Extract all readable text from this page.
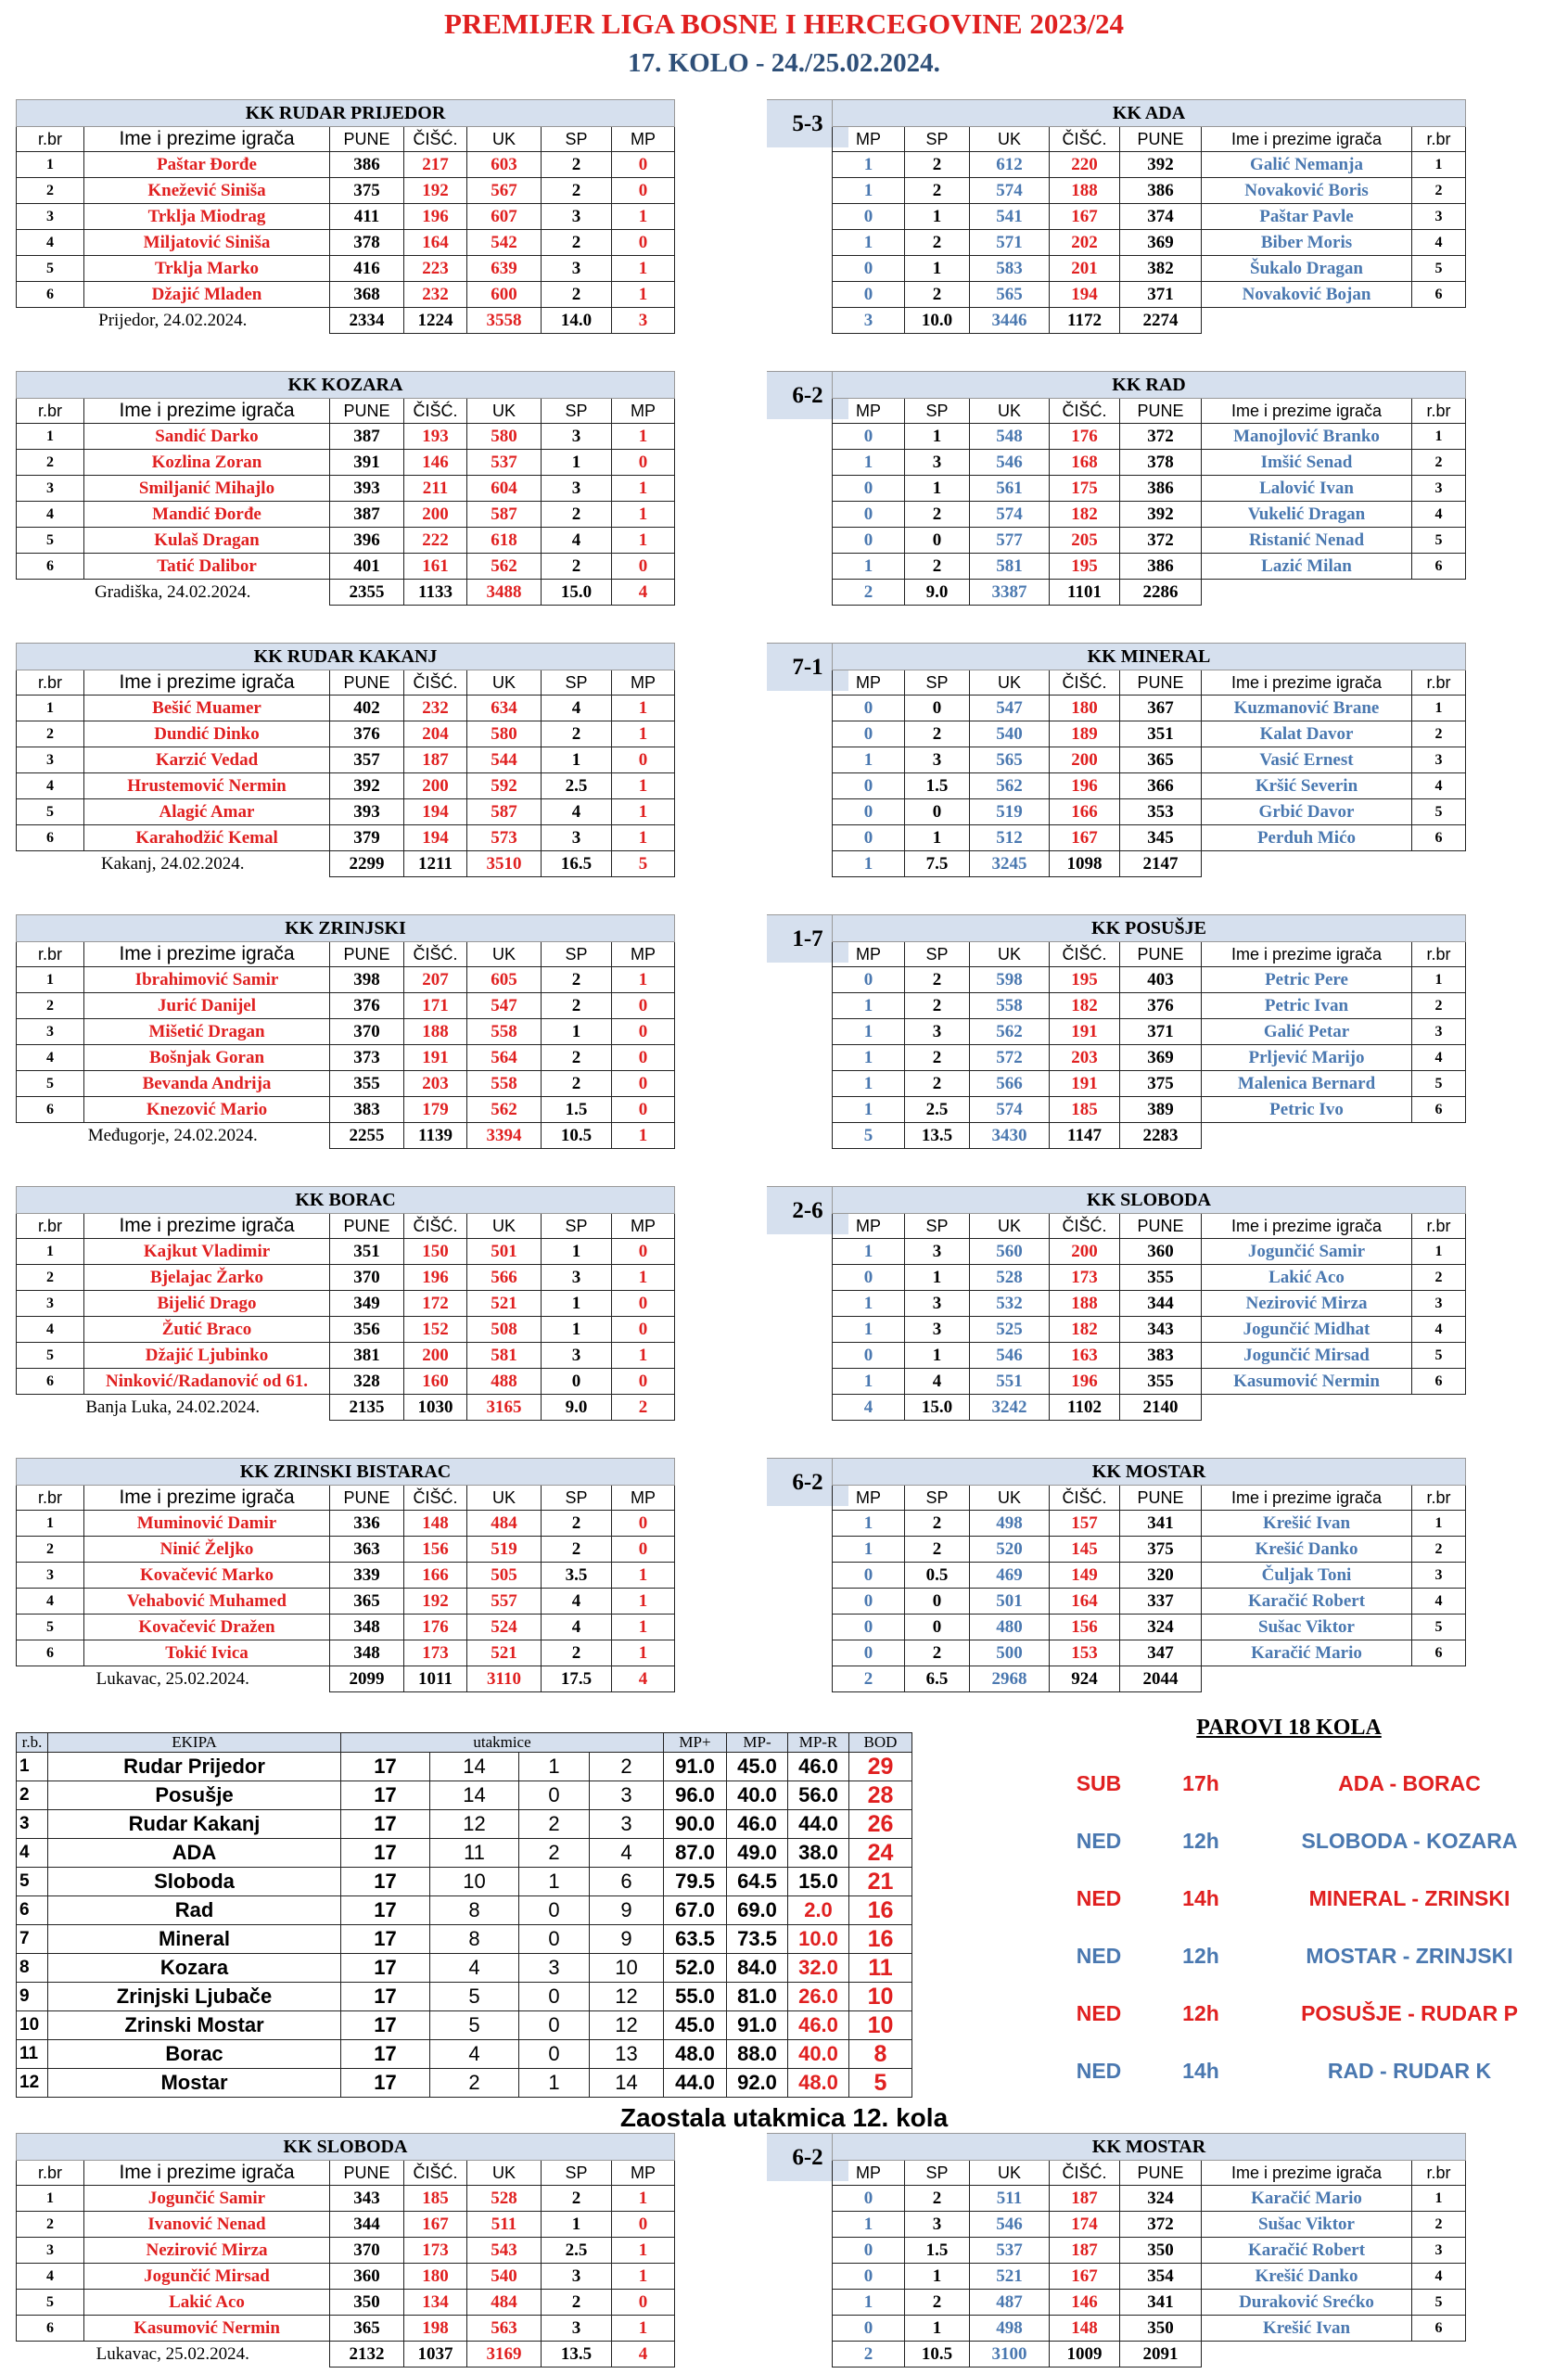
PREMIJER LIGA BOSNE I HERCEGOVINE 2023/24
17. KOLO - 24./25.02.2024.
5-3
KK RUDAR PRIJEDOR						
r.br	Ime i prezime igrača	PUNE	ČIŠĆ.	UK	SP	MP
1	Paštar Đorđe	386	217	603	2	0
2	Knežević Siniša	375	192	567	2	0
3	Trklja Miodrag	411	196	607	3	1
4	Miljatović Siniša	378	164	542	2	0
5	Trklja Marko	416	223	639	3	1
6	Džajić Mladen	368	232	600	2	1
Prijedor, 24.02.2024.		2334	1224	3558	14.0	3
KK ADA						
MP	SP	UK	ČIŠĆ.	PUNE	Ime i prezime igrača	r.br
1	2	612	220	392	Galić Nemanja	1
1	2	574	188	386	Novaković Boris	2
0	1	541	167	374	Paštar Pavle	3
1	2	571	202	369	Biber Moris	4
0	1	583	201	382	Šukalo Dragan	5
0	2	565	194	371	Novaković Bojan	6
3	10.0	3446	1172	2274		
6-2
KK KOZARA						
r.br	Ime i prezime igrača	PUNE	ČIŠĆ.	UK	SP	MP
1	Sandić Darko	387	193	580	3	1
2	Kozlina Zoran	391	146	537	1	0
3	Smiljanić Mihajlo	393	211	604	3	1
4	Mandić Đorđe	387	200	587	2	1
5	Kulaš Dragan	396	222	618	4	1
6	Tatić Dalibor	401	161	562	2	0
Gradiška, 24.02.2024.		2355	1133	3488	15.0	4
KK RAD						
MP	SP	UK	ČIŠĆ.	PUNE	Ime i prezime igrača	r.br
0	1	548	176	372	Manojlović Branko	1
1	3	546	168	378	Imšić Senad	2
0	1	561	175	386	Lalović Ivan	3
0	2	574	182	392	Vukelić Dragan	4
0	0	577	205	372	Ristanić Nenad	5
1	2	581	195	386	Lazić Milan	6
2	9.0	3387	1101	2286		
7-1
KK RUDAR KAKANJ						
r.br	Ime i prezime igrača	PUNE	ČIŠĆ.	UK	SP	MP
1	Bešić Muamer	402	232	634	4	1
2	Dundić Dinko	376	204	580	2	1
3	Karzić Vedad	357	187	544	1	0
4	Hrustemović Nermin	392	200	592	2.5	1
5	Alagić Amar	393	194	587	4	1
6	Karahodžić Kemal	379	194	573	3	1
Kakanj, 24.02.2024.		2299	1211	3510	16.5	5
KK MINERAL						
MP	SP	UK	ČIŠĆ.	PUNE	Ime i prezime igrača	r.br
0	0	547	180	367	Kuzmanović Brane	1
0	2	540	189	351	Kalat Davor	2
1	3	565	200	365	Vasić Ernest	3
0	1.5	562	196	366	Kršić Severin	4
0	0	519	166	353	Grbić Davor	5
0	1	512	167	345	Perduh Mićo	6
1	7.5	3245	1098	2147		
1-7
KK ZRINJSKI						
r.br	Ime i prezime igrača	PUNE	ČIŠĆ.	UK	SP	MP
1	Ibrahimović Samir	398	207	605	2	1
2	Jurić Danijel	376	171	547	2	0
3	Mišetić Dragan	370	188	558	1	0
4	Bošnjak Goran	373	191	564	2	0
5	Bevanda Andrija	355	203	558	2	0
6	Knezović Mario	383	179	562	1.5	0
Međugorje, 24.02.2024.		2255	1139	3394	10.5	1
KK POSUŠJE						
MP	SP	UK	ČIŠĆ.	PUNE	Ime i prezime igrača	r.br
0	2	598	195	403	Petric Pere	1
1	2	558	182	376	Petric Ivan	2
1	3	562	191	371	Galić Petar	3
1	2	572	203	369	Prljević Marijo	4
1	2	566	191	375	Malenica Bernard	5
1	2.5	574	185	389	Petric Ivo	6
5	13.5	3430	1147	2283		
2-6
KK BORAC						
r.br	Ime i prezime igrača	PUNE	ČIŠĆ.	UK	SP	MP
1	Kajkut Vladimir	351	150	501	1	0
2	Bjelajac Žarko	370	196	566	3	1
3	Bijelić Drago	349	172	521	1	0
4	Žutić Braco	356	152	508	1	0
5	Džajić Ljubinko	381	200	581	3	1
6	Ninković/Radanović od 61.	328	160	488	0	0
Banja Luka, 24.02.2024.		2135	1030	3165	9.0	2
KK SLOBODA						
MP	SP	UK	ČIŠĆ.	PUNE	Ime i prezime igrača	r.br
1	3	560	200	360	Jogunčić Samir	1
0	1	528	173	355	Lakić Aco	2
1	3	532	188	344	Nezirović Mirza	3
1	3	525	182	343	Jogunčić Midhat	4
0	1	546	163	383	Jogunčić Mirsad	5
1	4	551	196	355	Kasumović Nermin	6
4	15.0	3242	1102	2140		
6-2
KK ZRINSKI BISTARAC						
r.br	Ime i prezime igrača	PUNE	ČIŠĆ.	UK	SP	MP
1	Muminović Damir	336	148	484	2	0
2	Ninić Željko	363	156	519	2	0
3	Kovačević Marko	339	166	505	3.5	1
4	Vehabović Muhamed	365	192	557	4	1
5	Kovačević Dražen	348	176	524	4	1
6	Tokić Ivica	348	173	521	2	1
Lukavac, 25.02.2024.		2099	1011	3110	17.5	4
KK MOSTAR						
MP	SP	UK	ČIŠĆ.	PUNE	Ime i prezime igrača	r.br
1	2	498	157	341	Krešić Ivan	1
1	2	520	145	375	Krešić Danko	2
0	0.5	469	149	320	Čuljak Toni	3
0	0	501	164	337	Karačić Robert	4
0	0	480	156	324	Sušac Viktor	5
0	2	500	153	347	Karačić Mario	6
2	6.5	2968	924	2044		
6-2
KK SLOBODA						
r.br	Ime i prezime igrača	PUNE	ČIŠĆ.	UK	SP	MP
1	Jogunčić Samir	343	185	528	2	1
2	Ivanović Nenad	344	167	511	1	0
3	Nezirović Mirza	370	173	543	2.5	1
4	Jogunčić Mirsad	360	180	540	3	1
5	Lakić Aco	350	134	484	2	0
6	Kasumović Nermin	365	198	563	3	1
Lukavac, 25.02.2024.		2132	1037	3169	13.5	4
KK MOSTAR						
MP	SP	UK	ČIŠĆ.	PUNE	Ime i prezime igrača	r.br
0	2	511	187	324	Karačić Mario	1
1	3	546	174	372	Sušac Viktor	2
0	1.5	537	187	350	Karačić Robert	3
0	1	521	167	354	Krešić Danko	4
1	2	487	146	341	Duraković Srećko	5
0	1	498	148	350	Krešić Ivan	6
2	10.5	3100	1009	2091		
r.b.	EKIPA	utakmice				MP+	MP-	MP-R	BOD
1	Rudar Prijedor	17	14	1	2	91.0	45.0	46.0	29
2	Posušje	17	14	0	3	96.0	40.0	56.0	28
3	Rudar Kakanj	17	12	2	3	90.0	46.0	44.0	26
4	ADA	17	11	2	4	87.0	49.0	38.0	24
5	Sloboda	17	10	1	6	79.5	64.5	15.0	21
6	Rad	17	8	0	9	67.0	69.0	2.0	16
7	Mineral	17	8	0	9	63.5	73.5	10.0	16
8	Kozara	17	4	3	10	52.0	84.0	32.0	11
9	Zrinjski Ljubače	17	5	0	12	55.0	81.0	26.0	10
10	Zrinski Mostar	17	5	0	12	45.0	91.0	46.0	10
11	Borac	17	4	0	13	48.0	88.0	40.0	8
12	Mostar	17	2	1	14	44.0	92.0	48.0	5
PAROVI 18 KOLA
SUB	17h	ADA - BORAC
NED	12h	SLOBODA - KOZARA
NED	14h	MINERAL - ZRINSKI
NED	12h	MOSTAR - ZRINJSKI
NED	12h	POSUŠJE - RUDAR P
NED	14h	RAD - RUDAR K
Zaostala utakmica 12. kola
